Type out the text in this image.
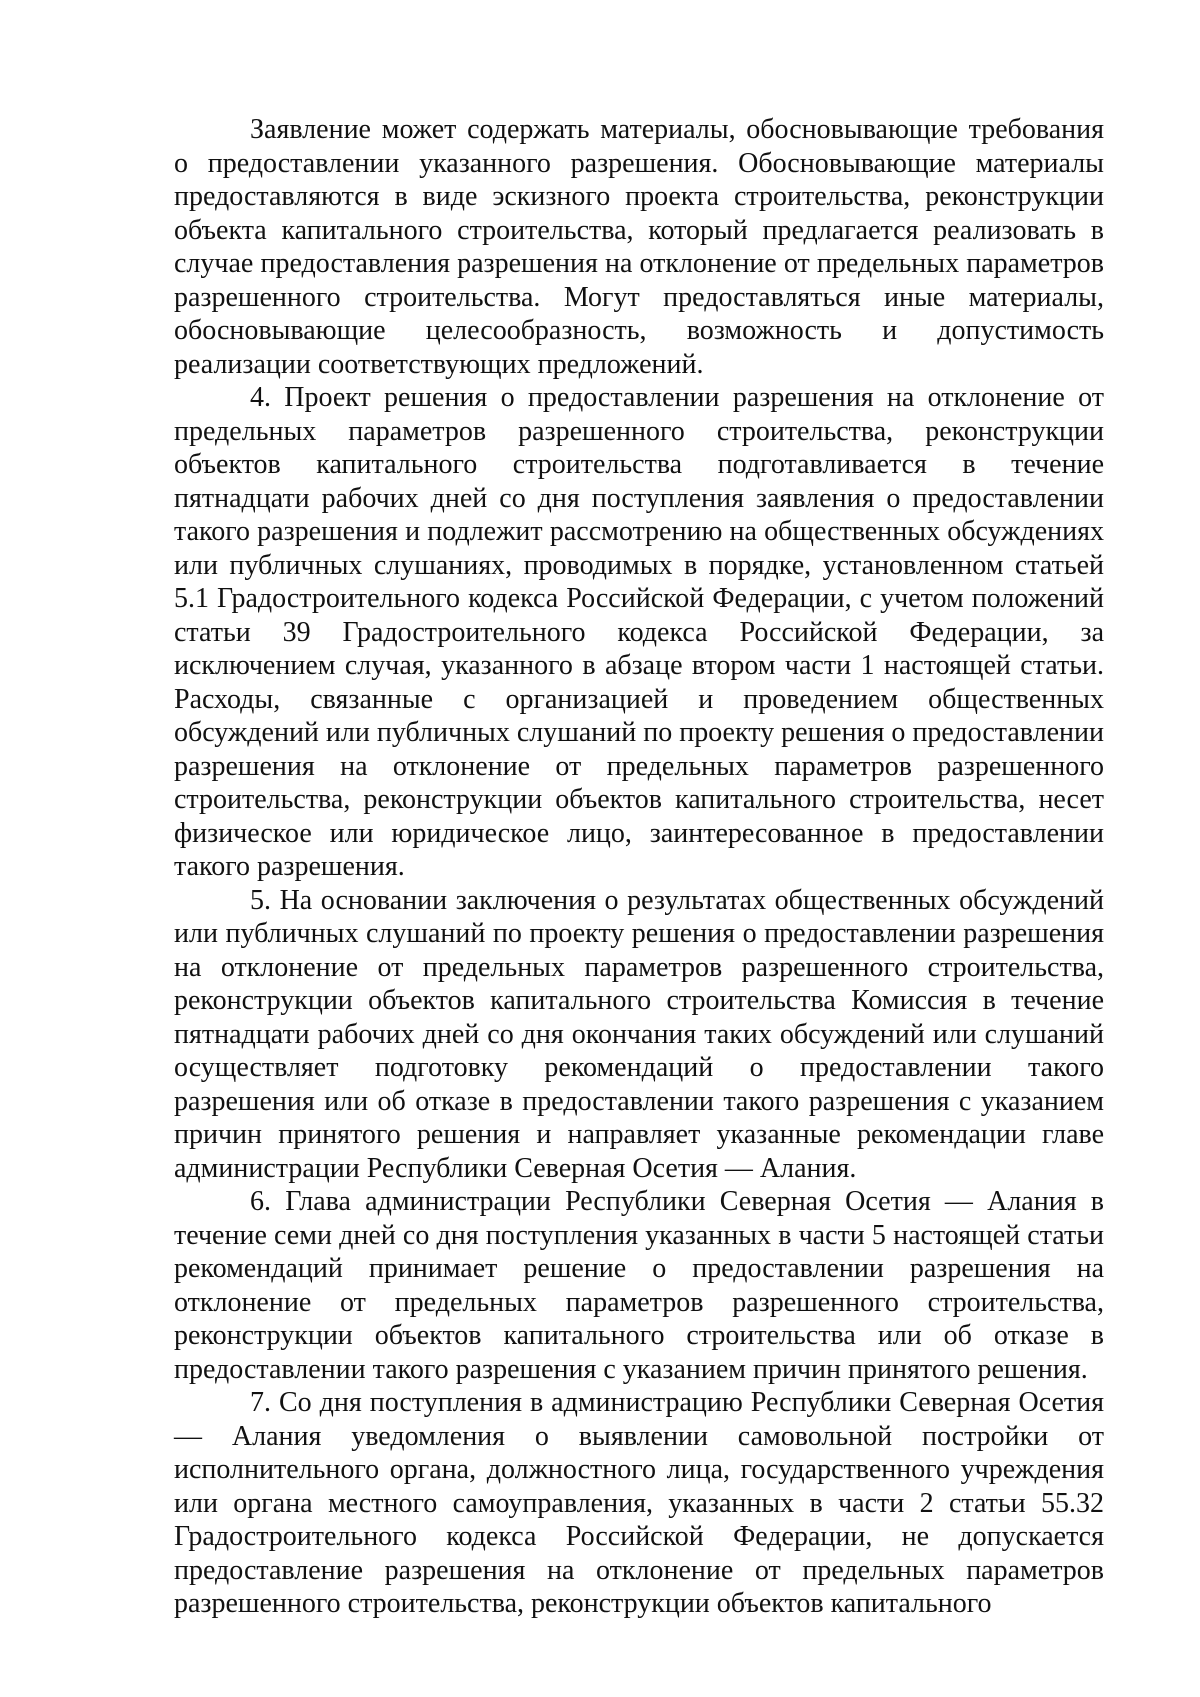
Заявление может содержать материалы, обосновывающие требования о предоставлении указанного разрешения. Обосновывающие материалы предоставляются в виде эскизного проекта строительства, реконструкции объекта капитального строительства, который предлагается реализовать в случае предоставления разрешения на отклонение от предельных параметров разрешенного строительства. Могут предоставляться иные материалы, обосновывающие целесообразность, возможность и допустимость реализации соответствующих предложений.

4. Проект решения о предоставлении разрешения на отклонение от предельных параметров разрешенного строительства, реконструкции объектов капитального строительства подготавливается в течение пятнадцати рабочих дней со дня поступления заявления о предоставлении такого разрешения и подлежит рассмотрению на общественных обсуждениях или публичных слушаниях, проводимых в порядке, установленном статьей 5.1 Градостроительного кодекса Российской Федерации, с учетом положений статьи 39 Градостроительного кодекса Российской Федерации, за исключением случая, указанного в абзаце втором части 1 настоящей статьи. Расходы, связанные с организацией и проведением общественных обсуждений или публичных слушаний по проекту решения о предоставлении разрешения на отклонение от предельных параметров разрешенного строительства, реконструкции объектов капитального строительства, несет физическое или юридическое лицо, заинтересованное в предоставлении такого разрешения.

5. На основании заключения о результатах общественных обсуждений или публичных слушаний по проекту решения о предоставлении разрешения на отклонение от предельных параметров разрешенного строительства, реконструкции объектов капитального строительства Комиссия в течение пятнадцати рабочих дней со дня окончания таких обсуждений или слушаний осуществляет подготовку рекомендаций о предоставлении такого разрешения или об отказе в предоставлении такого разрешения с указанием причин принятого решения и направляет указанные рекомендации главе администрации Республики Северная Осетия — Алания.

6. Глава администрации Республики Северная Осетия — Алания в течение семи дней со дня поступления указанных в части 5 настоящей статьи рекомендаций принимает решение о предоставлении разрешения на отклонение от предельных параметров разрешенного строительства, реконструкции объектов капитального строительства или об отказе в предоставлении такого разрешения с указанием причин принятого решения.

7. Со дня поступления в администрацию Республики Северная Осетия — Алания уведомления о выявлении самовольной постройки от исполнительного органа, должностного лица, государственного учреждения или органа местного самоуправления, указанных в части 2 статьи 55.32 Градостроительного кодекса Российской Федерации, не допускается предоставление разрешения на отклонение от предельных параметров разрешенного строительства, реконструкции объектов капитального
